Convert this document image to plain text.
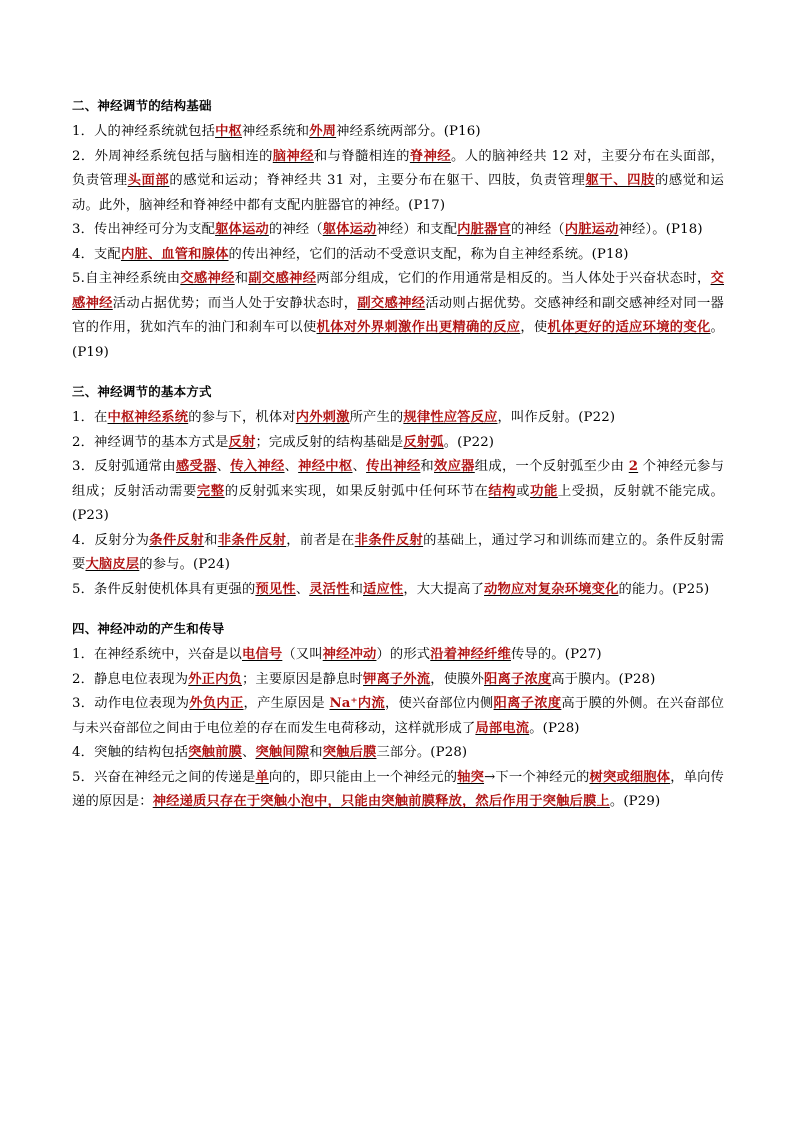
二、神经调节的结构基础

1．人的神经系统就包括中枢神经系统和外周神经系统两部分。(P16)

2．外周神经系统包括与脑相连的脑神经和与脊髓相连的脊神经。人的脑神经共 12 对，主要分布在头面部，负责管理头面部的感觉和运动；脊神经共 31 对，主要分布在躯干、四肢，负责管理躯干、四肢的感觉和运动。此外，脑神经和脊神经中都有支配内脏器官的神经。(P17)

3．传出神经可分为支配躯体运动的神经（躯体运动神经）和支配内脏器官的神经（内脏运动神经）。(P18)

4．支配内脏、血管和腺体的传出神经，它们的活动不受意识支配，称为自主神经系统。(P18)

5.自主神经系统由交感神经和副交感神经两部分组成，它们的作用通常是相反的。当人体处于兴奋状态时，交感神经活动占据优势；而当人处于安静状态时，副交感神经活动则占据优势。交感神经和副交感神经对同一器官的作用，犹如汽车的油门和刹车可以使机体对外界刺激作出更精确的反应，使机体更好的适应环境的变化。(P19)

三、神经调节的基本方式

1．在中枢神经系统的参与下，机体对内外刺激所产生的规律性应答反应，叫作反射。(P22)

2．神经调节的基本方式是反射；完成反射的结构基础是反射弧。(P22)

3．反射弧通常由感受器、传入神经、神经中枢、传出神经和效应器组成，一个反射弧至少由 2 个神经元参与组成；反射活动需要完整的反射弧来实现，如果反射弧中任何环节在结构或功能上受损，反射就不能完成。(P23)

4．反射分为条件反射和非条件反射，前者是在非条件反射的基础上，通过学习和训练而建立的。条件反射需要大脑皮层的参与。(P24)

5．条件反射使机体具有更强的预见性、灵活性和适应性，大大提高了动物应对复杂环境变化的能力。(P25)

四、神经冲动的产生和传导

1．在神经系统中，兴奋是以电信号（又叫神经冲动）的形式沿着神经纤维传导的。(P27)

2．静息电位表现为外正内负；主要原因是静息时钾离子外流，使膜外阳离子浓度高于膜内。(P28)

3．动作电位表现为外负内正，产生原因是 Na⁺内流，使兴奋部位内侧阳离子浓度高于膜的外侧。在兴奋部位与未兴奋部位之间由于电位差的存在而发生电荷移动，这样就形成了局部电流。(P28)

4．突触的结构包括突触前膜、突触间隙和突触后膜三部分。(P28)

5．兴奋在神经元之间的传递是单向的，即只能由上一个神经元的轴突→下一个神经元的树突或细胞体，单向传递的原因是：神经递质只存在于突触小泡中，只能由突触前膜释放，然后作用于突触后膜上。(P29)
